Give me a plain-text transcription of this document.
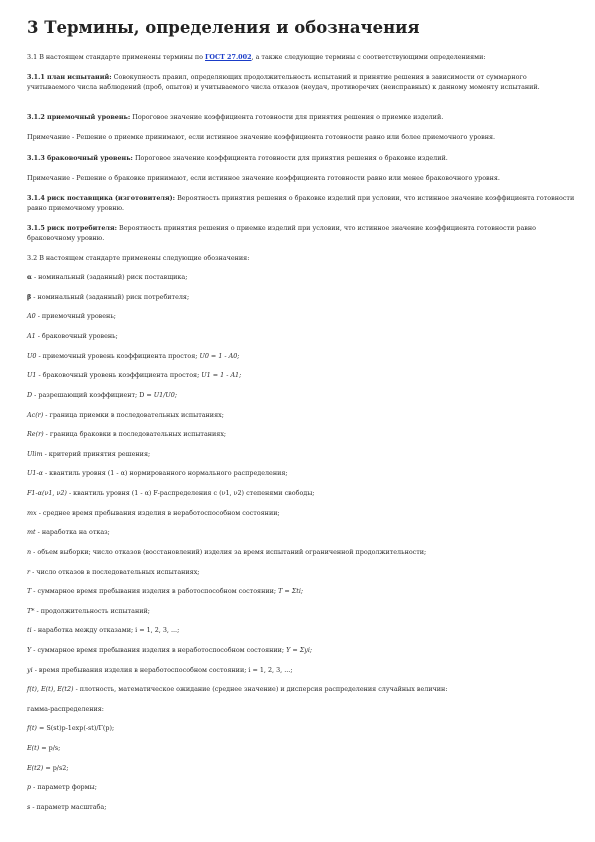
3 Термины, определения и обозначения

3.1 В настоящем стандарте применены термины по ГОСТ 27.002, а также следующие термины с соответствующими определениями:

3.1.1 план испытаний: Совокупность правил, определяющих продолжительность испытаний и принятие решения в зависимости от суммарного учитываемого числа наблюдений (проб, опытов) и учитываемого числа отказов (неудач, противоречих (неисправных) к данному моменту испытаний.

3.1.2 приемочный уровень: Пороговое значение коэффициента готовности для принятия решения о приемке изделий.

Примечание - Решение о приемке принимают, если истинное значение коэффициента готовности равно или более приемочного уровня.

3.1.3 браковочный уровень: Пороговое значение коэффициента готовности для принятия решения о браковке изделий.

Примечание - Решение о браковке принимают, если истинное значение коэффициента готовности равно или менее браковочного уровня.

3.1.4 риск поставщика (изготовителя): Вероятность принятия решения о браковке изделий при условии, что истинное значение коэффициента готовности равно приемочному уровню.

3.1.5 риск потребителя: Вероятность принятия решения о приемке изделий при условии, что истинное значение коэффициента готовности равно браковочному уровню.

3.2 В настоящем стандарте применены следующие обозначения:

α - номинальный (заданный) риск поставщика;

β - номинальный (заданный) риск потребителя;

A0 - приемочный уровень;

A1 - браковочный уровень;

U0 - приемочный уровень коэффициента простоя; U0 = 1 - A0;

U1 - браковочный уровень коэффициента простоя; U1 = 1 - A1;

D - разрешающий коэффициент; D = U1/U0;

Ac(r) - граница приемки в последовательных испытаниях;

Re(r) - граница браковки в последовательных испытаниях;

Ulim - критерий принятия решения;

U1-α - квантиль уровня (1 - α) нормированного нормального распределения;

F1-α(ν1, ν2) - квантиль уровня (1 - α) F-распределения с (ν1, ν2) степенями свободы;

mx - среднее время пребывания изделия в неработоспособном состоянии;

mt - наработка на отказ;

n - объем выборки; число отказов (восстановлений) изделия за время испытаний ограниченной продолжительности;

r - число отказов в последовательных испытаниях;

T - суммарное время пребывания изделия в работоспособном состоянии; T = Σti;

T* - продолжительность испытаний;

ti - наработка между отказами; i = 1, 2, 3, ...;

Y - суммарное время пребывания изделия в неработоспособном состоянии; Y = Σyi;

yi - время пребывания изделия в неработоспособном состоянии; i = 1, 2, 3, ...;

f(t), E(t), E(t2) - плотность, математическое ожидание (среднее значение) и дисперсия распределения случайных величин:

гамма-распределения:

f(t) = S(st)p-1exp(-st)/Γ(p);

E(t) = p/s;

E(t2) = p/s2;

p - параметр формы;

s - параметр масштаба;
